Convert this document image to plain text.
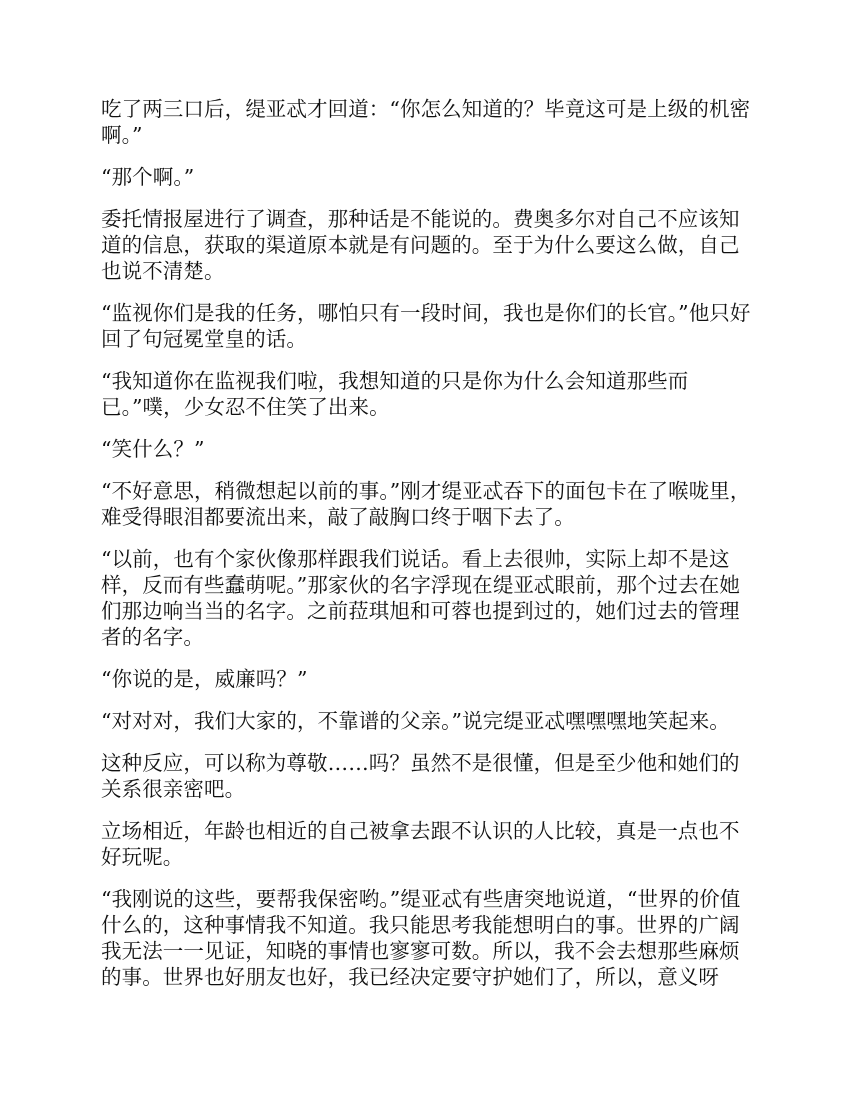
吃了两三口后，缇亚忒才回道：“你怎么知道的？毕竟这可是上级的机密啊。”

“那个啊。”

委托情报屋进行了调查，那种话是不能说的。费奥多尔对自己不应该知道的信息，获取的渠道原本就是有问题的。至于为什么要这么做，自己也说不清楚。

“监视你们是我的任务，哪怕只有一段时间，我也是你们的长官。”他只好回了句冠冕堂皇的话。

“我知道你在监视我们啦，我想知道的只是你为什么会知道那些而已。”噗，少女忍不住笑了出来。

“笑什么？”

“不好意思，稍微想起以前的事。”刚才缇亚忒吞下的面包卡在了喉咙里，难受得眼泪都要流出来，敲了敲胸口终于咽下去了。

“以前，也有个家伙像那样跟我们说话。看上去很帅，实际上却不是这样，反而有些蠢萌呢。”那家伙的名字浮现在缇亚忒眼前，那个过去在她们那边响当当的名字。之前菈琪旭和可蓉也提到过的，她们过去的管理者的名字。

“你说的是，威廉吗？”

“对对对，我们大家的，不靠谱的父亲。”说完缇亚忒嘿嘿嘿地笑起来。

这种反应，可以称为尊敬……吗？虽然不是很懂，但是至少他和她们的关系很亲密吧。

立场相近，年龄也相近的自己被拿去跟不认识的人比较，真是一点也不好玩呢。

“我刚说的这些，要帮我保密哟。”缇亚忒有些唐突地说道，“世界的价值什么的，这种事情我不知道。我只能思考我能想明白的事。世界的广阔我无法一一见证，知晓的事情也寥寥可数。所以，我不会去想那些麻烦的事。世界也好朋友也好，我已经决定要守护她们了，所以，意义呀
